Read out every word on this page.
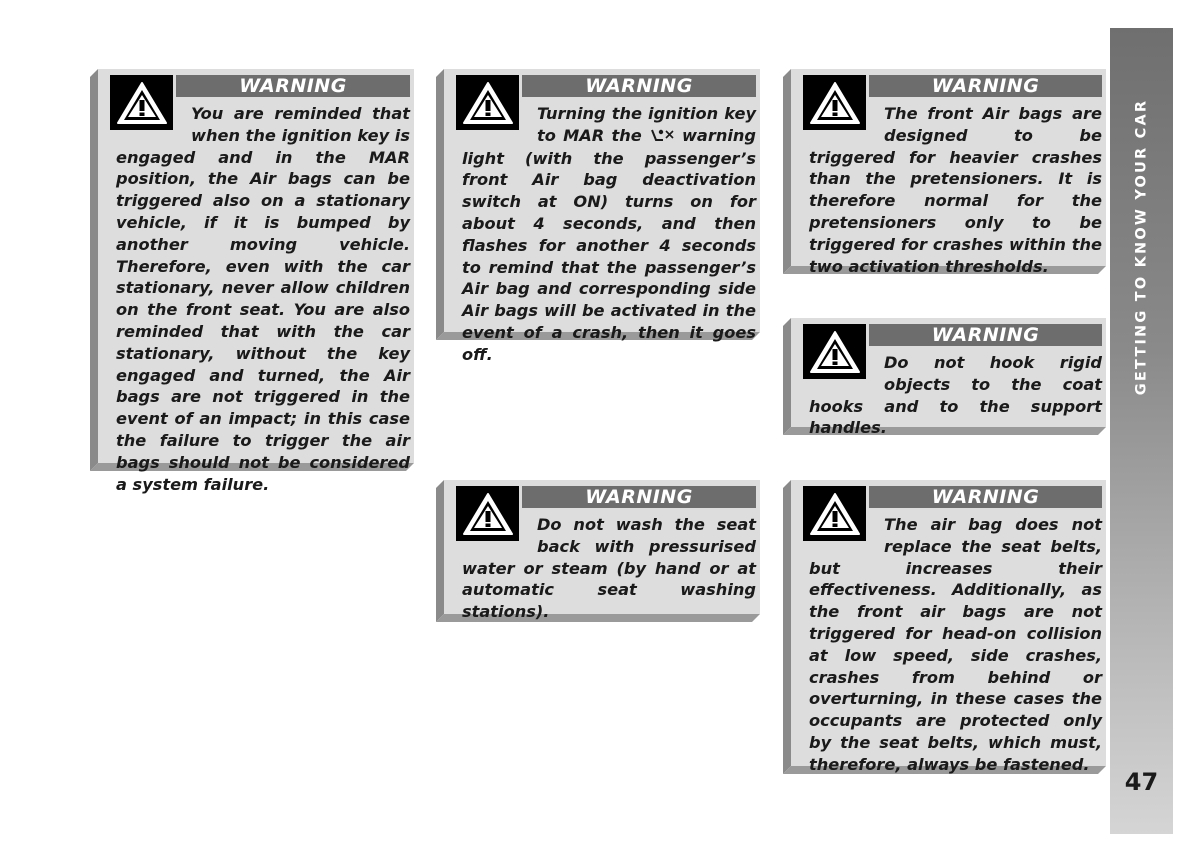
WARNING
You are reminded that when the ignition key is engaged and in the MAR position, the Air bags can be triggered also on a stationary vehicle, if it is bumped by another moving vehicle. Therefore, even with the car stationary, never allow children on the front seat. You are also reminded that with the car stationary, without the key engaged and turned, the Air bags are not triggered in the event of an impact; in this case the failure to trigger the air bags should not be considered a system failure.
WARNING
Turning the ignition key to MAR the warning light (with the passenger’s front Air bag deactivation switch at ON) turns on for about 4 seconds, and then flashes for another 4 seconds to remind that the passenger’s Air bag and corresponding side Air bags will be activated in the event of a crash, then it goes off.
WARNING
The front Air bags are designed to be triggered for heavier crashes than the pretensioners. It is therefore normal for the pretensioners only to be triggered for crashes within the two activation thresholds.
WARNING
Do not hook rigid objects to the coat hooks and to the support handles.
WARNING
Do not wash the seat back with pressurised water or steam (by hand or at automatic seat washing stations).
WARNING
The air bag does not replace the seat belts, but increases their effectiveness. Additionally, as the front air bags are not triggered for head-on collision at low speed, side crashes, crashes from behind or overturning, in these cases the occupants are protected only by the seat belts, which must, therefore, always be fastened.
GETTING TO KNOW YOUR CAR
47
